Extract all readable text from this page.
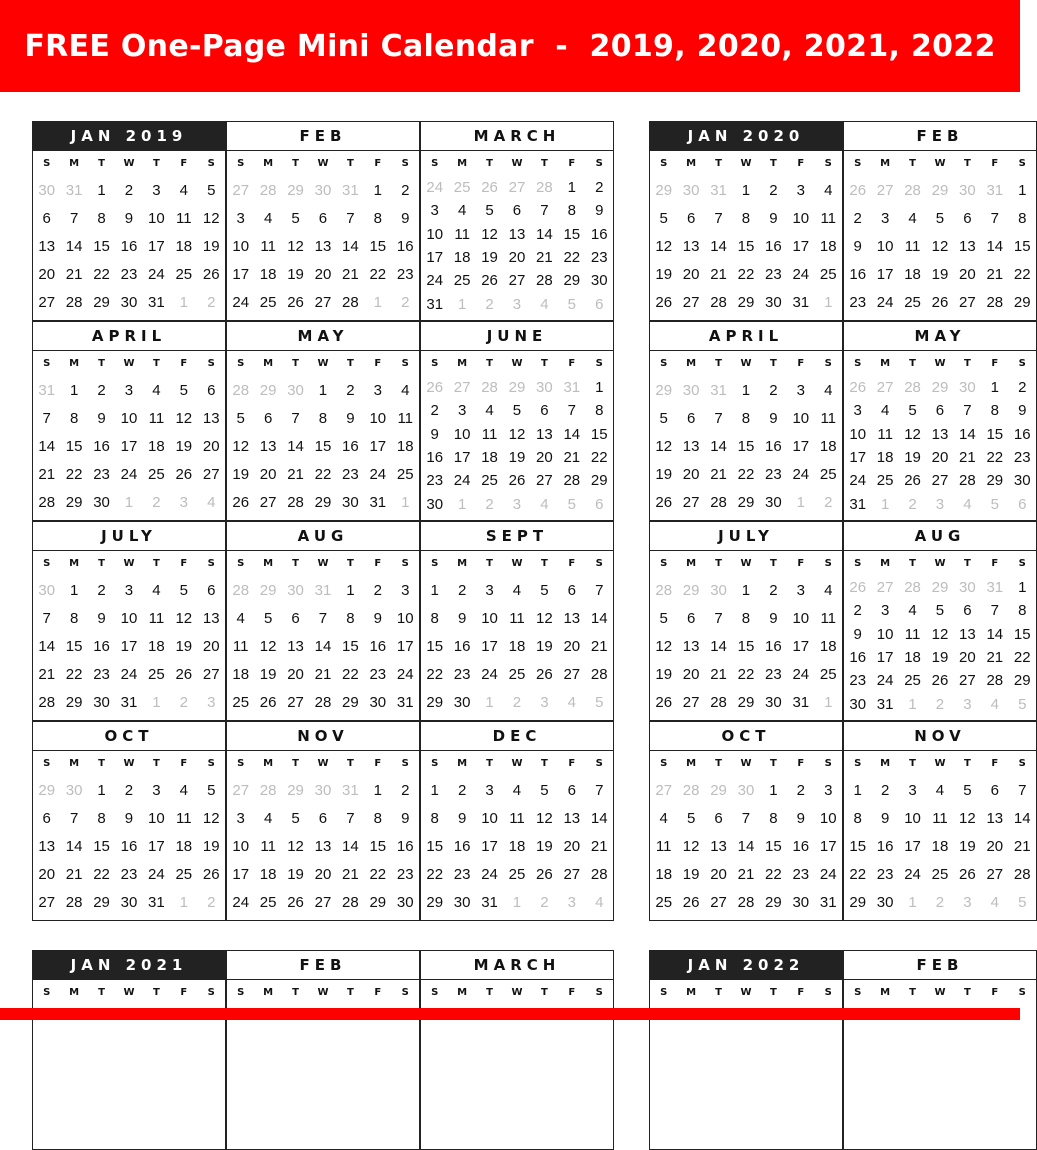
FREE One-Page Mini Calendar  -  2019, 2020, 2021, 2022
JAN 2019
S	M	T	W	T	F	S
30 31 1	2	3	4	5
6	7	8	9 10 11 12
13 14 15 16 17 18 19
20 21 22 23 24 25 26
27 28 29 30 31 1	2
FEB
S	M	T	W	T	F	S
27 28 29 30 31 1	2
3	4	5	6	7	8	9
10 11 12 13 14 15 16
17 18 19 20 21 22 23
24 25 26 27 28 1	2
MARCH
S	M	T	W	T	F	S
24 25 26 27 28 1	2
3	4	5	6	7	8	9
10 11 12 13 14 15 16
17 18 19 20 21 22 23
24 25 26 27 28 29 30
31 1	2	3	4	5	6
APRIL
S	M	T	W	T	F	S
31 1	2	3	4	5	6
7	8	9 10 11 12 13
14 15 16 17 18 19 20
21 22 23 24 25 26 27
28 29 30 1	2	3	4
MAY
S	M	T	W	T	F	S
28 29 30 1	2	3	4
5	6	7	8	9 10 11
12 13 14 15 16 17 18
19 20 21 22 23 24 25
26 27 28 29 30 31 1
JUNE
S	M	T	W	T	F	S
26 27 28 29 30 31 1
2	3	4	5	6	7	8
9 10 11 12 13 14 15
16 17 18 19 20 21 22
23 24 25 26 27 28 29
30 1	2	3	4	5	6
JULY
S	M	T	W	T	F	S
30 1	2	3	4	5	6
7	8	9 10 11 12 13
14 15 16 17 18 19 20
21 22 23 24 25 26 27
28 29 30 31 1	2	3
AUG
S	M	T	W	T	F	S
28 29 30 31 1	2	3
4	5	6	7	8	9 10
11 12 13 14 15 16 17
18 19 20 21 22 23 24
25 26 27 28 29 30 31
SEPT
S	M	T	W	T	F	S
1	2	3	4	5	6	7
8	9 10 11 12 13 14
15 16 17 18 19 20 21
22 23 24 25 26 27 28
29 30 1	2	3	4	5
OCT
S	M	T	W	T	F	S
29 30 1	2	3	4	5
6	7	8	9 10 11 12
13 14 15 16 17 18 19
20 21 22 23 24 25 26
27 28 29 30 31 1	2
NOV
S	M	T	W	T	F	S
27 28 29 30 31 1	2
3	4	5	6	7	8	9
10 11 12 13 14 15 16
17 18 19 20 21 22 23
24 25 26 27 28 29 30
DEC
S	M	T	W	T	F	S
1	2	3	4	5	6	7
8	9 10 11 12 13 14
15 16 17 18 19 20 21
22 23 24 25 26 27 28
29 30 31 1	2	3	4
JAN 2020
S	M	T	W	T	F	S
29 30 31 1	2	3	4
5	6	7	8	9 10 11
12 13 14 15 16 17 18
19 20 21 22 23 24 25
26 27 28 29 30 31 1
FEB
S	M	T	W	T	F	S
26 27 28 29 30 31 1
2	3	4	5	6	7	8
9 10 11 12 13 14 15
16 17 18 19 20 21 22
23 24 25 26 27 28 29
APRIL
S	M	T	W	T	F	S
29 30 31 1	2	3	4
5	6	7	8	9 10 11
12 13 14 15 16 17 18
19 20 21 22 23 24 25
26 27 28 29 30 1	2
MAY
S	M	T	W	T	F	S
26 27 28 29 30 1	2
3	4	5	6	7	8	9
10 11 12 13 14 15 16
17 18 19 20 21 22 23
24 25 26 27 28 29 30
31 1	2	3	4	5	6
JULY
S	M	T	W	T	F	S
28 29 30 1	2	3	4
5	6	7	8	9 10 11
12 13 14 15 16 17 18
19 20 21 22 23 24 25
26 27 28 29 30 31 1
AUG
S	M	T	W	T	F	S
26 27 28 29 30 31 1
2	3	4	5	6	7	8
9 10 11 12 13 14 15
16 17 18 19 20 21 22
23 24 25 26 27 28 29
30 31 1	2	3	4	5
OCT
S	M	T	W	T	F	S
27 28 29 30 1	2	3
4	5	6	7	8	9 10
11 12 13 14 15 16 17
18 19 20 21 22 23 24
25 26 27 28 29 30 31
NOV
S	M	T	W	T	F	S
1	2	3	4	5	6	7
8	9 10 11 12 13 14
15 16 17 18 19 20 21
22 23 24 25 26 27 28
29 30 1	2	3	4	5
JAN 2021
S	M	T	W	T	F	S
FEB
S	M	T	W	T	F	S
MARCH
S	M	T	W	T	F	S
JAN 2022
S	M	T	W	T	F	S
FEB
S	M	T	W	T	F	S
